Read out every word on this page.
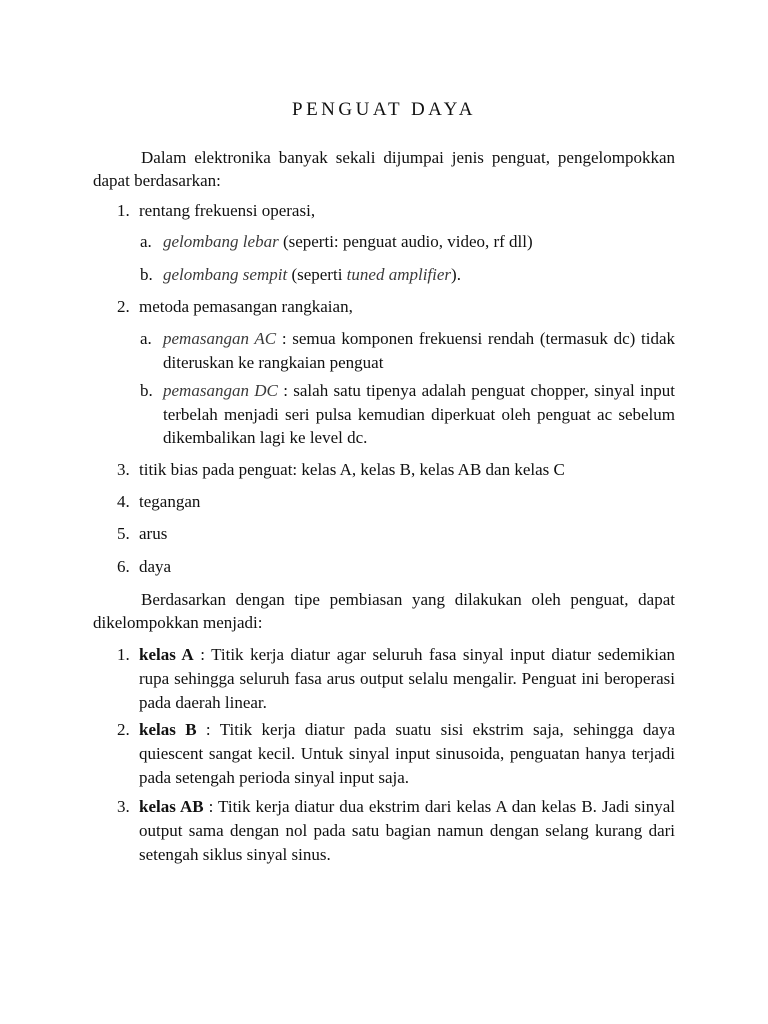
PENGUAT DAYA

Dalam elektronika banyak sekali dijumpai jenis penguat, pengelompokkan dapat berdasarkan:

1. rentang frekuensi operasi,

a. gelombang lebar (seperti: penguat audio, video, rf dll)

b. gelombang sempit (seperti tuned amplifier).

2. metoda pemasangan rangkaian,

a. pemasangan AC : semua komponen frekuensi rendah (termasuk dc) tidak diteruskan ke rangkaian penguat

b. pemasangan DC : salah satu tipenya adalah penguat chopper, sinyal input terbelah menjadi seri pulsa kemudian diperkuat oleh penguat ac sebelum dikembalikan lagi ke level dc.

3. titik bias pada penguat: kelas A, kelas B, kelas AB dan kelas C

4. tegangan

5. arus

6. daya

Berdasarkan dengan tipe pembiasan yang dilakukan oleh penguat, dapat dikelompokkan menjadi:

1. kelas A : Titik kerja diatur agar seluruh fasa sinyal input diatur sedemikian rupa sehingga seluruh fasa arus output selalu mengalir. Penguat ini beroperasi pada daerah linear.

2. kelas B : Titik kerja diatur pada suatu sisi ekstrim saja, sehingga daya quiescent sangat kecil. Untuk sinyal input sinusoida, penguatan hanya terjadi pada setengah perioda sinyal input saja.

3. kelas AB : Titik kerja diatur dua ekstrim dari kelas A dan kelas B. Jadi sinyal output sama dengan nol pada satu bagian namun dengan selang kurang dari setengah siklus sinyal sinus.
